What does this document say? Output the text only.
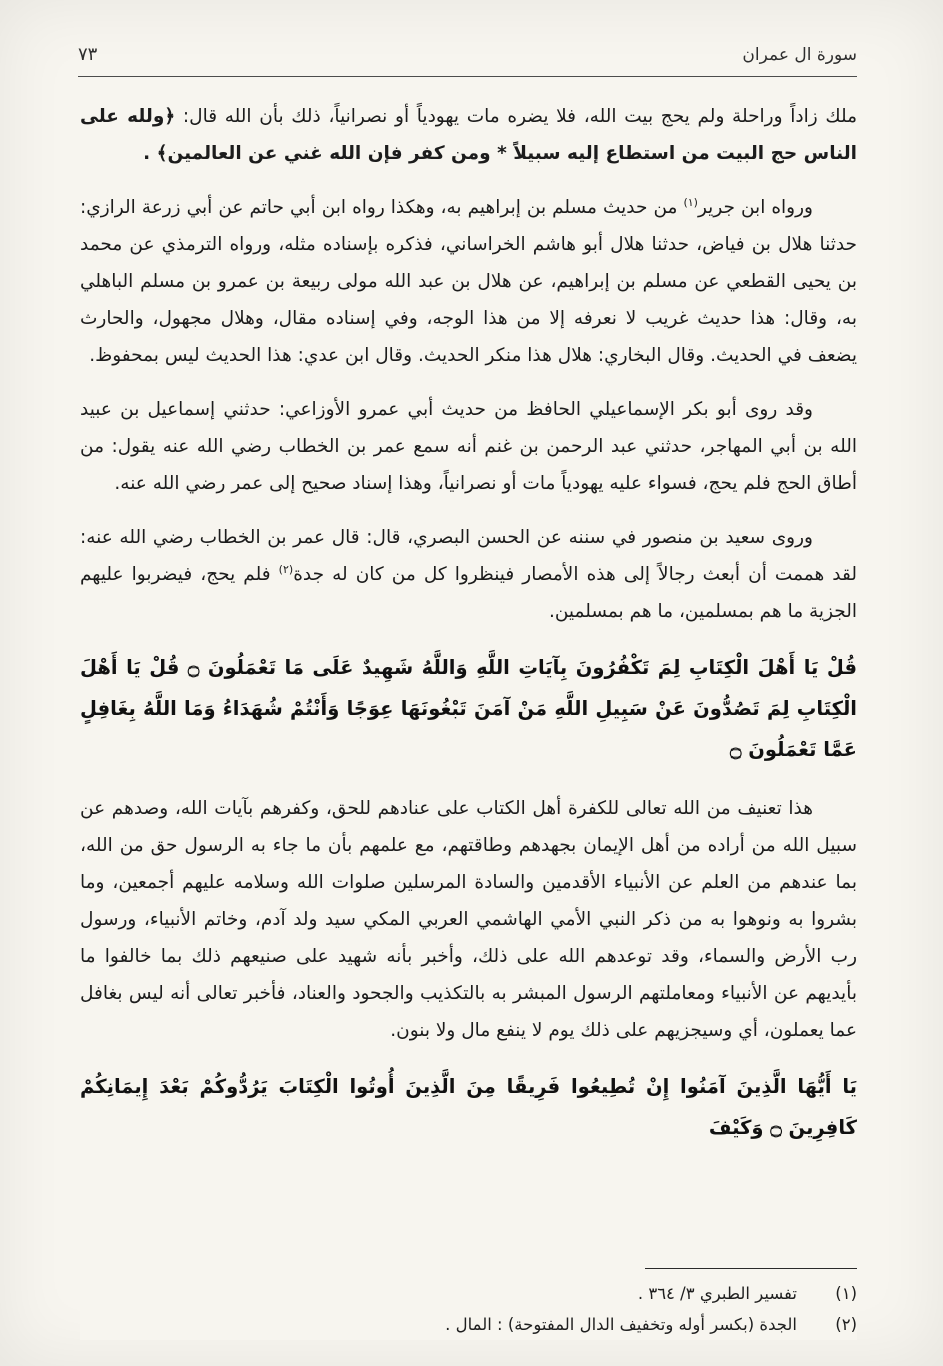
سورة ال عمران
٧٣

ملك زاداً وراحلة ولم يحج بيت الله، فلا يضره مات يهودياً أو نصرانياً، ذلك بأن الله قال: ﴿ولله على الناس حج البيت من استطاع إليه سبيلاً * ومن كفر فإن الله غني عن العالمين﴾ .

ورواه ابن جرير$^{(١)}$ من حديث مسلم بن إبراهيم به، وهكذا رواه ابن أبي حاتم عن أبي زرعة الرازي: حدثنا هلال بن فياض، حدثنا هلال أبو هاشم الخراساني، فذكره بإسناده مثله، ورواه الترمذي عن محمد بن يحيى القطعي عن مسلم بن إبراهيم، عن هلال بن عبد الله مولى ربيعة بن عمرو بن مسلم الباهلي به، وقال: هذا حديث غريب لا نعرفه إلا من هذا الوجه، وفي إسناده مقال، وهلال مجهول، والحارث يضعف في الحديث. وقال البخاري: هلال هذا منكر الحديث. وقال ابن عدي: هذا الحديث ليس بمحفوظ.

وقد روى أبو بكر الإسماعيلي الحافظ من حديث أبي عمرو الأوزاعي: حدثني إسماعيل بن عبيد الله بن أبي المهاجر، حدثني عبد الرحمن بن غنم أنه سمع عمر بن الخطاب رضي الله عنه يقول: من أطاق الحج فلم يحج، فسواء عليه يهودياً مات أو نصرانياً، وهذا إسناد صحيح إلى عمر رضي الله عنه.

وروى سعيد بن منصور في سننه عن الحسن البصري، قال: قال عمر بن الخطاب رضي الله عنه: لقد هممت أن أبعث رجالاً إلى هذه الأمصار فينظروا كل من كان له جدة$^{(٢)}$ فلم يحج، فيضربوا عليهم الجزية ما هم بمسلمين، ما هم بمسلمين.

قُلْ يَا أَهْلَ الْكِتَابِ لِمَ تَكْفُرُونَ بِآيَاتِ اللَّهِ وَاللَّهُ شَهِيدٌ عَلَى مَا تَعْمَلُونَ ۝ قُلْ يَا أَهْلَ الْكِتَابِ لِمَ تَصُدُّونَ عَنْ سَبِيلِ اللَّهِ مَنْ آمَنَ تَبْغُونَهَا عِوَجًا وَأَنْتُمْ شُهَدَاءُ وَمَا اللَّهُ بِغَافِلٍ عَمَّا تَعْمَلُونَ ۝

هذا تعنيف من الله تعالى للكفرة أهل الكتاب على عنادهم للحق، وكفرهم بآيات الله، وصدهم عن سبيل الله من أراده من أهل الإيمان بجهدهم وطاقتهم، مع علمهم بأن ما جاء به الرسول حق من الله، بما عندهم من العلم عن الأنبياء الأقدمين والسادة المرسلين صلوات الله وسلامه عليهم أجمعين، وما بشروا به ونوهوا به من ذكر النبي الأمي الهاشمي العربي المكي سيد ولد آدم، وخاتم الأنبياء، ورسول رب الأرض والسماء، وقد توعدهم الله على ذلك، وأخبر بأنه شهيد على صنيعهم ذلك بما خالفوا ما بأيديهم عن الأنبياء ومعاملتهم الرسول المبشر به بالتكذيب والجحود والعناد، فأخبر تعالى أنه ليس بغافل عما يعملون، أي وسيجزيهم على ذلك يوم لا ينفع مال ولا بنون.

يَا أَيُّهَا الَّذِينَ آمَنُوا إِنْ تُطِيعُوا فَرِيقًا مِنَ الَّذِينَ أُوتُوا الْكِتَابَ يَرُدُّوكُمْ بَعْدَ إِيمَانِكُمْ كَافِرِينَ ۝ وَكَيْفَ
(١)
تفسير الطبري ٣/ ٣٦٤ .
(٢)
الجدة (بكسر أوله وتخفيف الدال المفتوحة) : المال .
